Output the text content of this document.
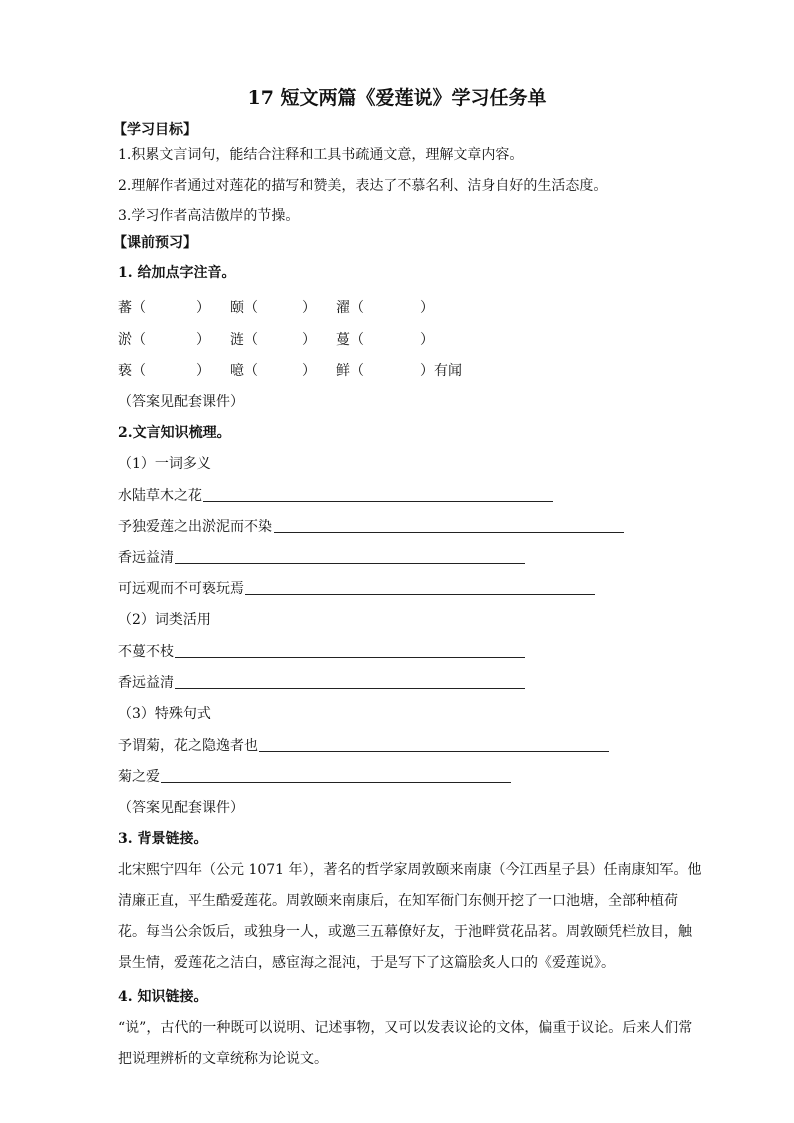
17 短文两篇《爱莲说》学习任务单
【学习目标】
1.积累文言词句，能结合注释和工具书疏通文意，理解文章内容。
2.理解作者通过对莲花的描写和赞美，表达了不慕名利、洁身自好的生活态度。
3.学习作者高洁傲岸的节操。
【课前预习】
1. 给加点字注音。
蕃（	） 颐（	） 濯（	）
淤（	） 涟（	） 蔓（	）
亵（	） 噫（	） 鲜（	） 有闻
（答案见配套课件）
2.文言知识梳理。
（1）一词多义
水陆草木之花
予独爱莲之出淤泥而不染
香远益清
可远观而不可亵玩焉
（2）词类活用
不蔓不枝
香远益清
（3）特殊句式
予谓菊，花之隐逸者也
菊之爱
（答案见配套课件）
3. 背景链接。
北宋熙宁四年（公元 1071 年），著名的哲学家周敦颐来南康（今江西星子县）任南康知军。他清廉正直，平生酷爱莲花。周敦颐来南康后，在知军衙门东侧开挖了一口池塘，全部种植荷花。每当公余饭后，或独身一人，或邀三五幕僚好友，于池畔赏花品茗。周敦颐凭栏放目，触景生情，爱莲花之洁白，感宦海之混沌，于是写下了这篇脍炙人口的《爱莲说》。
4. 知识链接。
“说”，古代的一种既可以说明、记述事物，又可以发表议论的文体，偏重于议论。后来人们常把说理辨析的文章统称为论说文。
